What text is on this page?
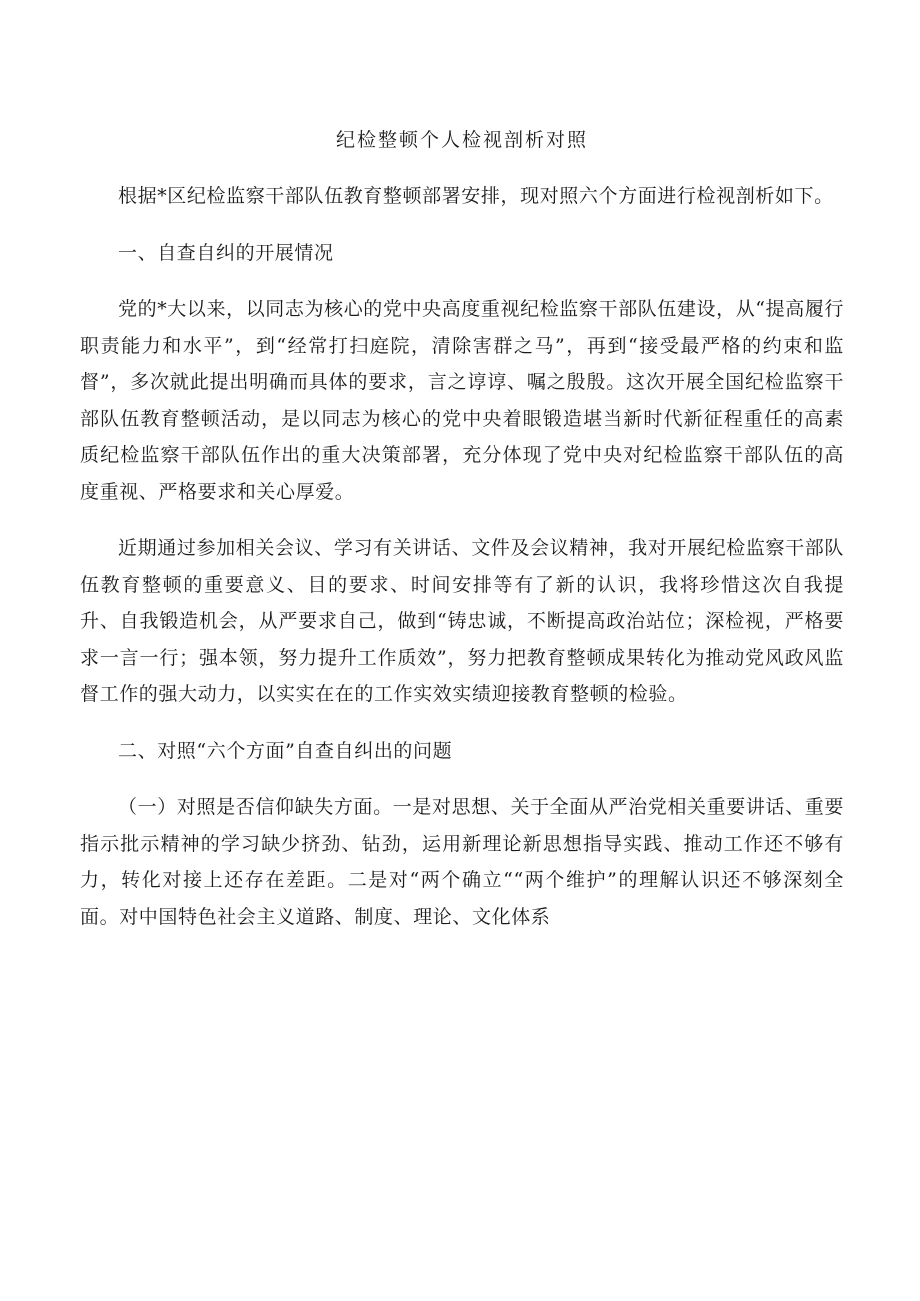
纪检整顿个人检视剖析对照

根据*区纪检监察干部队伍教育整顿部署安排，现对照六个方面进行检视剖析如下。

一、自查自纠的开展情况

党的*大以来，以同志为核心的党中央高度重视纪检监察干部队伍建设，从“提高履行职责能力和水平”，到“经常打扫庭院，清除害群之马”，再到“接受最严格的约束和监督”，多次就此提出明确而具体的要求，言之谆谆、嘱之殷殷。这次开展全国纪检监察干部队伍教育整顿活动，是以同志为核心的党中央着眼锻造堪当新时代新征程重任的高素质纪检监察干部队伍作出的重大决策部署，充分体现了党中央对纪检监察干部队伍的高度重视、严格要求和关心厚爱。

近期通过参加相关会议、学习有关讲话、文件及会议精神，我对开展纪检监察干部队伍教育整顿的重要意义、目的要求、时间安排等有了新的认识，我将珍惜这次自我提升、自我锻造机会，从严要求自己，做到“铸忠诚，不断提高政治站位；深检视，严格要求一言一行；强本领，努力提升工作质效”，努力把教育整顿成果转化为推动党风政风监督工作的强大动力，以实实在在的工作实效实绩迎接教育整顿的检验。

二、对照“六个方面”自查自纠出的问题

（一）对照是否信仰缺失方面。一是对思想、关于全面从严治党相关重要讲话、重要指示批示精神的学习缺少挤劲、钻劲，运用新理论新思想指导实践、推动工作还不够有力，转化对接上还存在差距。二是对“两个确立““两个维护”的理解认识还不够深刻全面。对中国特色社会主义道路、制度、理论、文化体系
